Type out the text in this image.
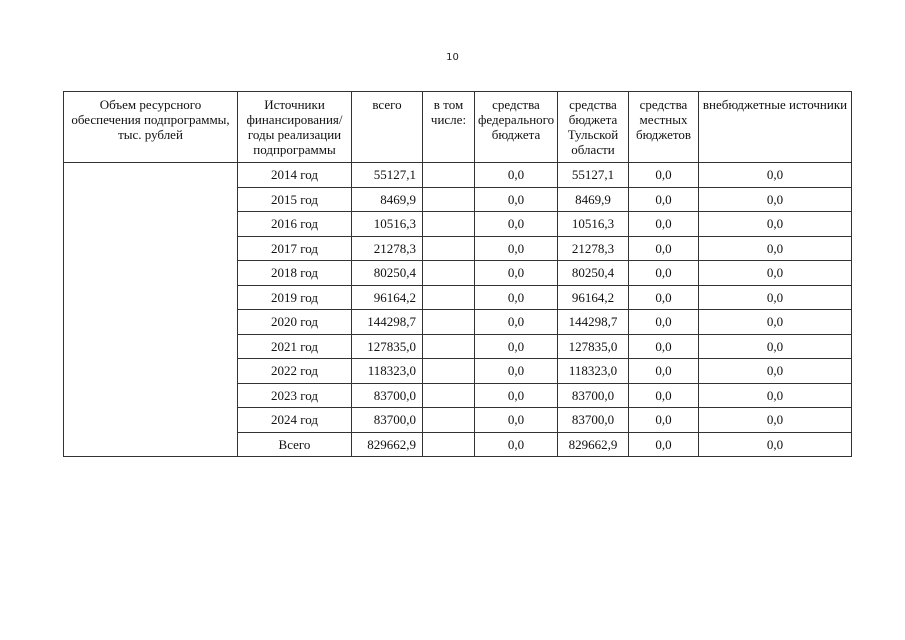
10
Объем ресурсного обеспечения подпрограммы, тыс. рублей	Источники финансирования/ годы реализации подпрограммы	всего	в том числе:	средства федерального бюджета	средства бюджета Тульской области	средства местных бюджетов	внебюджетные источники
	2014 год	55127,1		0,0	55127,1	0,0	0,0
	2015 год	8469,9		0,0	8469,9	0,0	0,0
	2016 год	10516,3		0,0	10516,3	0,0	0,0
	2017 год	21278,3		0,0	21278,3	0,0	0,0
	2018 год	80250,4		0,0	80250,4	0,0	0,0
	2019 год	96164,2		0,0	96164,2	0,0	0,0
	2020 год	144298,7		0,0	144298,7	0,0	0,0
	2021 год	127835,0		0,0	127835,0	0,0	0,0
	2022 год	118323,0		0,0	118323,0	0,0	0,0
	2023 год	83700,0		0,0	83700,0	0,0	0,0
	2024 год	83700,0		0,0	83700,0	0,0	0,0
	Всего	829662,9		0,0	829662,9	0,0	0,0
